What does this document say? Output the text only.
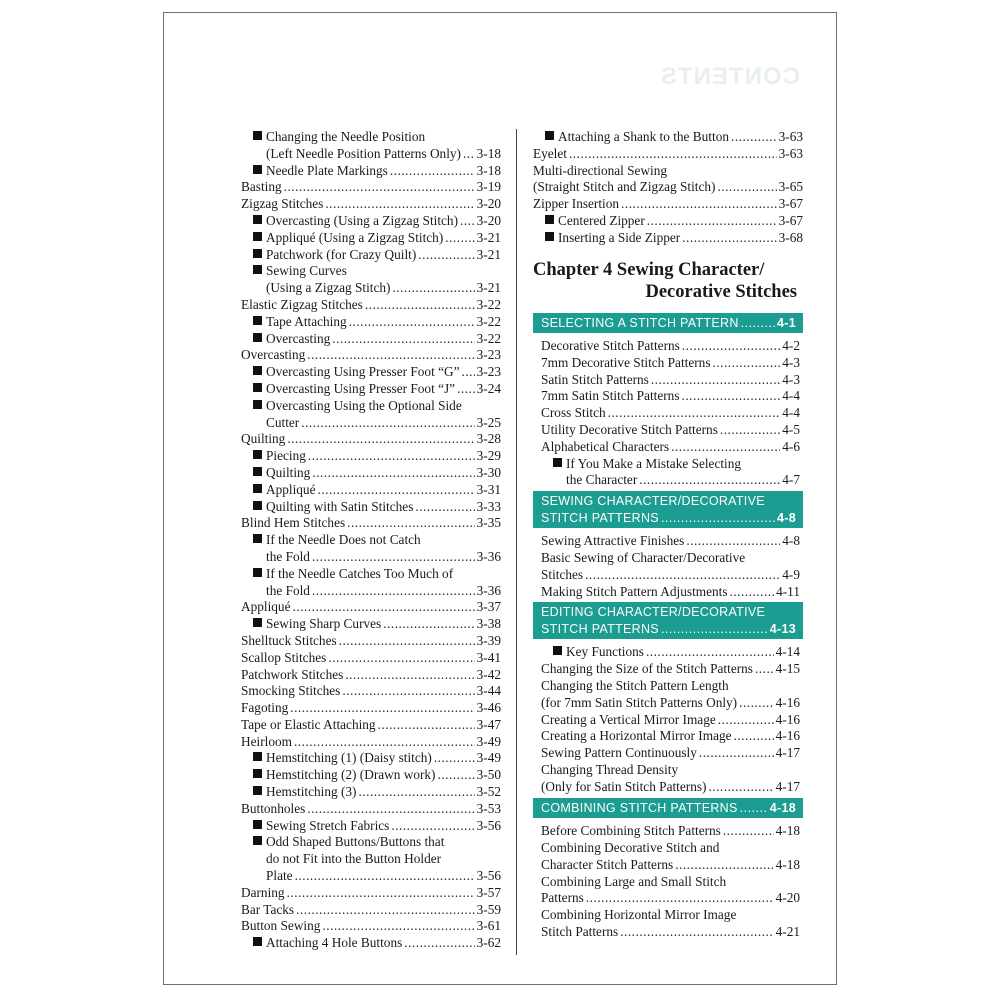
CONTENTS
Changing the Needle Position
(Left Needle Position Patterns Only) ..... 3-18
Needle Plate Markings .....	3-18
Basting .....	3-19
Zigzag Stitches .....	3-20
Overcasting (Using a Zigzag Stitch) ..... 3-20
Appliqué (Using a Zigzag Stitch) .....	3-21
Patchwork (for Crazy Quilt) .....	3-21
Sewing Curves
(Using a Zigzag Stitch) .....	3-21
Elastic Zigzag Stitches .....	3-22
Tape Attaching .....	3-22
Overcasting .....	3-22
Overcasting .....	3-23
Overcasting Using Presser Foot “G” ..... 3-23
Overcasting Using Presser Foot “J” ..... 3-24
Overcasting Using the Optional Side
Cutter .....	3-25
Quilting .....	3-28
Piecing .....	3-29
Quilting .....	3-30
Appliqué .....	3-31
Quilting with Satin Stitches .....	3-33
Blind Hem Stitches .....	3-35
If the Needle Does not Catch
the Fold .....	3-36
If the Needle Catches Too Much of
the Fold .....	3-36
Appliqué .....	3-37
Sewing Sharp Curves .....	3-38
Shelltuck Stitches .....	3-39
Scallop Stitches .....	3-41
Patchwork Stitches .....	3-42
Smocking Stitches .....	3-44
Fagoting .....	3-46
Tape or Elastic Attaching .....	3-47
Heirloom .....	3-49
Hemstitching (1) (Daisy stitch) .....	3-49
Hemstitching (2) (Drawn work) .....	3-50
Hemstitching (3) .....	3-52
Buttonholes .....	3-53
Sewing Stretch Fabrics .....	3-56
Odd Shaped Buttons/Buttons that
do not Fit into the Button Holder
Plate .....	3-56
Darning .....	3-57
Bar Tacks .....	3-59
Button Sewing .....	3-61
Attaching 4 Hole Buttons .....	3-62
Attaching a Shank to the Button .....	3-63
Eyelet .....	3-63
Multi-directional Sewing
(Straight Stitch and Zigzag Stitch) .....	3-65
Zipper Insertion .....	3-67
Centered Zipper .....	3-67
Inserting a Side Zipper .....	3-68
Chapter 4 Sewing Character/
Decorative Stitches
SELECTING A STITCH PATTERN .....	4-1
Decorative Stitch Patterns .....	4-2
7mm Decorative Stitch Patterns .....	4-3
Satin Stitch Patterns .....	4-3
7mm Satin Stitch Patterns .....	4-4
Cross Stitch .....	4-4
Utility Decorative Stitch Patterns .....	4-5
Alphabetical Characters .....	4-6
If You Make a Mistake Selecting
the Character .....	4-7
SEWING CHARACTER/DECORATIVE
STITCH PATTERNS .....	4-8
Sewing Attractive Finishes .....	4-8
Basic Sewing of Character/Decorative
Stitches .....	4-9
Making Stitch Pattern Adjustments .....	4-11
EDITING CHARACTER/DECORATIVE
STITCH PATTERNS .....	4-13
Key Functions .....	4-14
Changing the Size of the Stitch Patterns ..... 4-15
Changing the Stitch Pattern Length
(for 7mm Satin Stitch Patterns Only) .....	4-16
Creating a Vertical Mirror Image .....	4-16
Creating a Horizontal Mirror Image .....	4-16
Sewing Pattern Continuously .....	4-17
Changing Thread Density
(Only for Satin Stitch Patterns) .....	4-17
COMBINING STITCH PATTERNS .....	4-18
Before Combining Stitch Patterns .....	4-18
Combining Decorative Stitch and
Character Stitch Patterns .....	4-18
Combining Large and Small Stitch
Patterns .....	4-20
Combining Horizontal Mirror Image
Stitch Patterns .....	4-21
